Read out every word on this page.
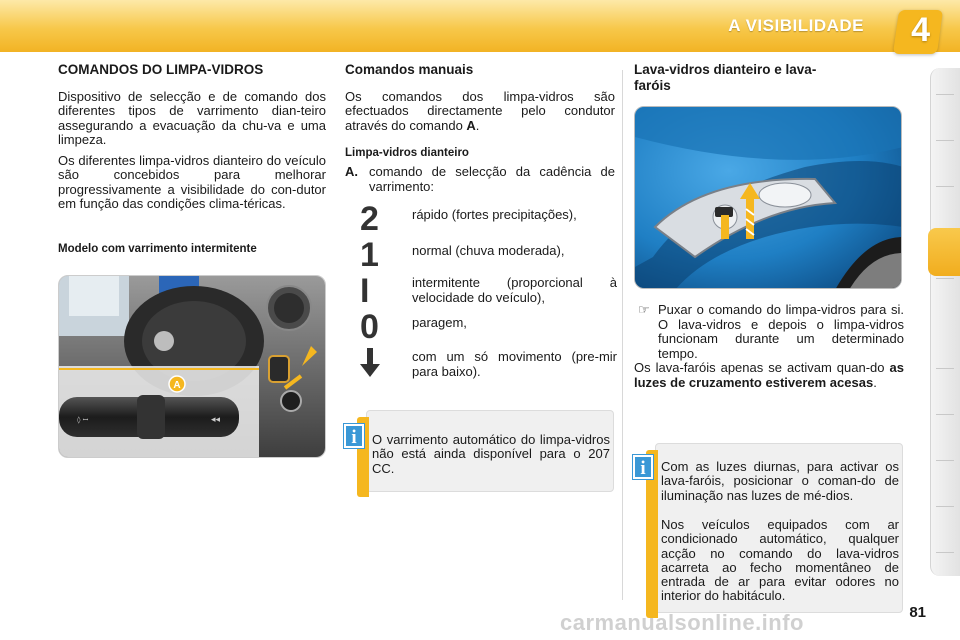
A VISIBILIDADE 4
COMANDOS DO LIMPA-VIDROS

Dispositivo de selecção e de comando dos diferentes tipos de varrimento dian-teiro assegurando a evacuação da chu-va e uma limpeza.

Os diferentes limpa-vidros dianteiro do veículo são concebidos para melhorar progressivamente a visibilidade do con-dutor em função das condições clima-téricas.

Modelo com varrimento intermitente
◊ ꟷ	◂◂
A
Comandos manuais

Os comandos dos limpa-vidros são efectuados directamente pelo condutor através do comando A.

Limpa-vidros dianteiro
A. comando de selecção da cadência de varrimento:
2	rápido (fortes precipitações),
1	normal (chuva moderada),
I	intermitente (proporcional à velocidade do veículo),
0	paragem,
com um só movimento (pre-mir para baixo).

O varrimento automático do limpa-vidros não está ainda disponível para o 207 CC.

i
Lava-vidros dianteiro e lava-faróis
☞ Puxar o comando do limpa-vidros para si. O lava-vidros e depois o limpa-vidros funcionam durante um determinado tempo.

Os lava-faróis apenas se activam quan-do as luzes de cruzamento estiverem acesas.

Com as luzes diurnas, para activar os lava-faróis, posicionar o coman-do de iluminação nas luzes de mé-dios.

Nos veículos equipados com ar condicionado automático, qualquer acção no comando do lava-vidros acarreta ao fecho momentâneo de entrada de ar para evitar odores no interior do habitáculo.

i
carmanualsonline.info	81
